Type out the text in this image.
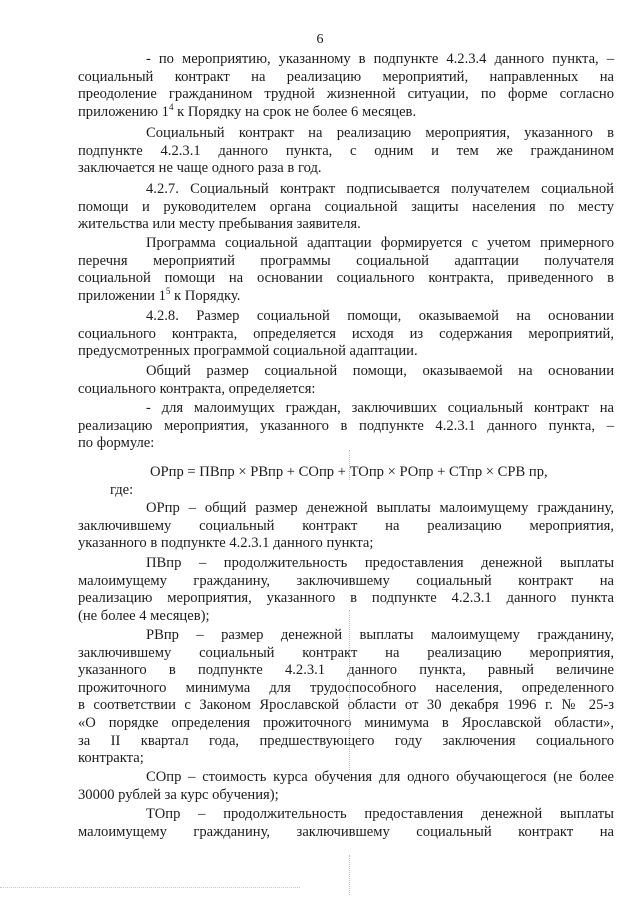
6
- по мероприятию, указанному в подпункте 4.2.3.4 данного пункта, –
социальный контракт на реализацию мероприятий, направленных на
преодоление гражданином трудной жизненной ситуации, по форме согласно
приложению $1^4$ к Порядку на срок не более 6 месяцев.
Социальный контракт на реализацию мероприятия, указанного в
подпункте 4.2.3.1 данного пункта, с одним и тем же гражданином
заключается не чаще одного раза в год.
4.2.7. Социальный контракт подписывается получателем социальной
помощи и руководителем органа социальной защиты населения по месту
жительства или месту пребывания заявителя.
Программа социальной адаптации формируется с учетом примерного
перечня мероприятий программы социальной адаптации получателя
социальной помощи на основании социального контракта, приведенного в
приложении $1^5$ к Порядку.
4.2.8. Размер социальной помощи, оказываемой на основании
социального контракта, определяется исходя из содержания мероприятий,
предусмотренных программой социальной адаптации.
Общий размер социальной помощи, оказываемой на основании
социального контракта, определяется:
- для малоимущих граждан, заключивших социальный контракт на
реализацию мероприятия, указанного в подпункте 4.2.3.1 данного пункта, –
по формуле:
ОРпр = ПВпр × РВпр + СОпр + ТОпр × РОпр + СТпр × СРВ пр,
где:
ОРпр – общий размер денежной выплаты малоимущему гражданину,
заключившему социальный контракт на реализацию мероприятия,
указанного в подпункте 4.2.3.1 данного пункта;
ПВпр – продолжительность предоставления денежной выплаты
малоимущему гражданину, заключившему социальный контракт на
реализацию мероприятия, указанного в подпункте 4.2.3.1 данного пункта
(не более 4 месяцев);
РВпр – размер денежной выплаты малоимущему гражданину,
заключившему социальный контракт на реализацию мероприятия,
указанного в подпункте 4.2.3.1 данного пункта, равный величине
прожиточного минимума для трудоспособного населения, определенного
в соответствии с Законом Ярославской области от 30 декабря 1996 г. № 25-з
«О порядке определения прожиточного минимума в Ярославской области»,
за II квартал года, предшествующего году заключения социального
контракта;
СОпр – стоимость курса обучения для одного обучающегося (не более
30000 рублей за курс обучения);
ТОпр – продолжительность предоставления денежной выплаты
малоимущему гражданину, заключившему социальный контракт на
